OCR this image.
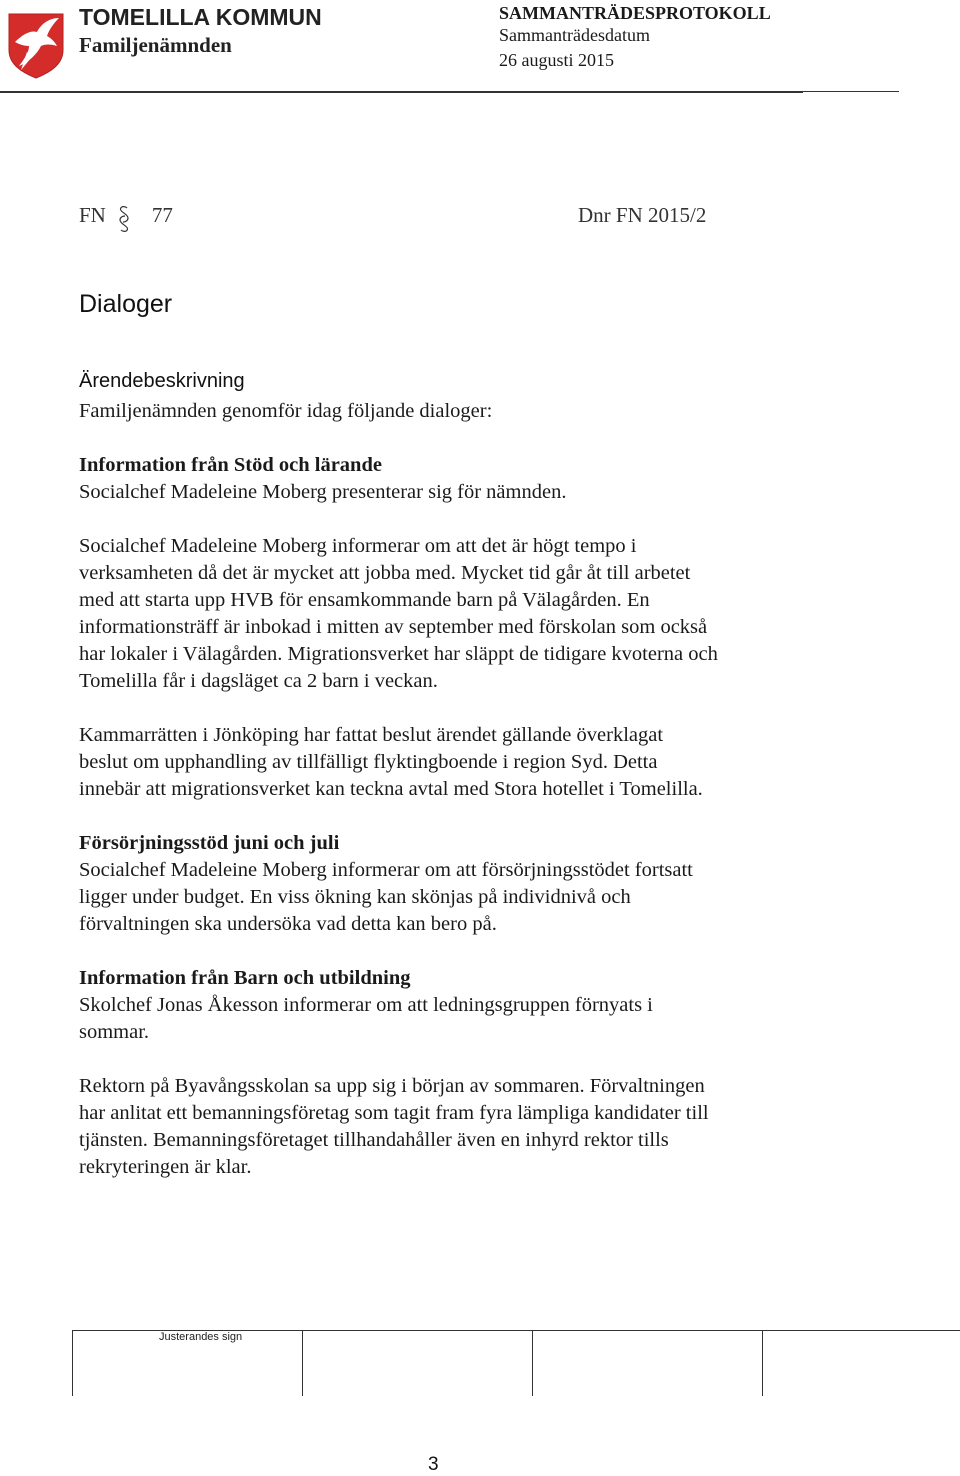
TOMELILLA KOMMUN
Familjenämnden
SAMMANTRÄDESPROTOKOLL
Sammanträdesdatum
26 augusti 2015
FN 77	Dnr FN 2015/2
Dialoger
Ärendebeskrivning

Familjenämnden genomför idag följande dialoger:

Information från Stöd och lärande

Socialchef Madeleine Moberg presenterar sig för nämnden.

Socialchef Madeleine Moberg informerar om att det är högt tempo i
verksamheten då det är mycket att jobba med. Mycket tid går åt till arbetet
med att starta upp HVB för ensamkommande barn på Välagården. En
informationsträff är inbokad i mitten av september med förskolan som också
har lokaler i Välagården. Migrationsverket har släppt de tidigare kvoterna och
Tomelilla får i dagsläget ca 2 barn i veckan.

Kammarrätten i Jönköping har fattat beslut ärendet gällande överklagat
beslut om upphandling av tillfälligt flyktingboende i region Syd. Detta
innebär att migrationsverket kan teckna avtal med Stora hotellet i Tomelilla.

Försörjningsstöd juni och juli

Socialchef Madeleine Moberg informerar om att försörjningsstödet fortsatt
ligger under budget. En viss ökning kan skönjas på individnivå och
förvaltningen ska undersöka vad detta kan bero på.

Information från Barn och utbildning

Skolchef Jonas Åkesson informerar om att ledningsgruppen förnyats i
sommar.

Rektorn på Byavångsskolan sa upp sig i början av sommaren. Förvaltningen
har anlitat ett bemanningsföretag som tagit fram fyra lämpliga kandidater till
tjänsten. Bemanningsföretaget tillhandahåller även en inhyrd rektor tills
rekryteringen är klar.

Justerandes sign
3
